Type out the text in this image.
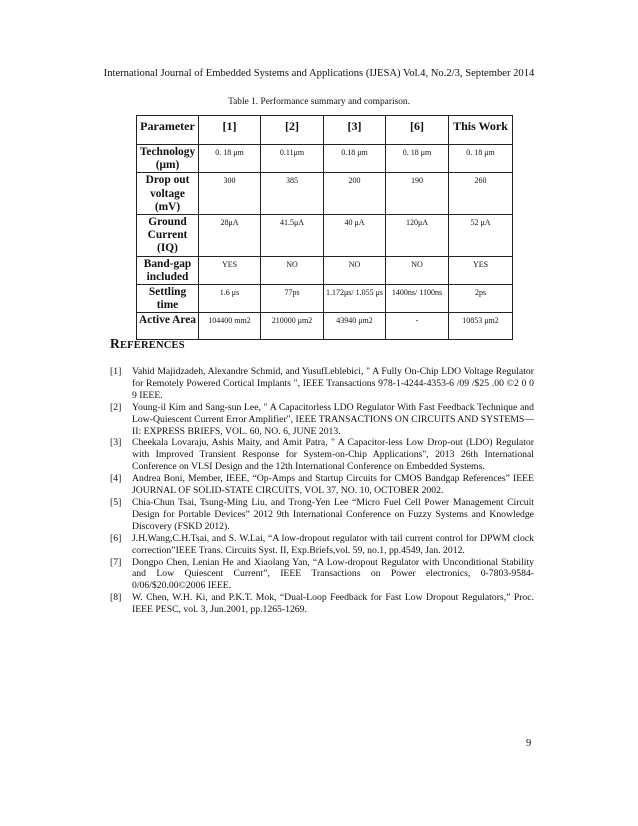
International Journal of Embedded Systems and Applications (IJESA) Vol.4, No.2/3, September 2014
Table 1. Performance summary and comparison.
Parameter	[1]	[2]	[3]	[6]	This Work
Technology (μm)	0. 18 μm	0.11μm	0.18 μm	0. 18 μm	0. 18 μm
Drop out voltage (mV)	300	385	200	190	260
Ground Current (IQ)	28μA	41.5μA	40 μA	120μA	52 μA
Band-gap included	YES	NO	NO	NO	YES
Settling time	1.6 μs	77ps	1.172μs/ 1.055 μs	1400ns/ 1100ns	2ps
Active Area	104400 mm2	210000 μm2	43940 μm2	-	10853 μm2
REFERENCES
[1] Vahid Majidzadeh, Alexandre Schmid, and YusufLeblebici, " A Fully On-Chip LDO Voltage Regulator for Remotely Powered Cortical Implants ", IEEE Transactions 978-1-4244-4353-6 /09 /$25 .00 ©2 0 0 9 IEEE.
[2] Young-il Kim and Sang-sun Lee, " A Capacitorless LDO Regulator With Fast Feedback Technique and Low-Quiescent Current Error Amplifier", IEEE TRANSACTIONS ON CIRCUITS AND SYSTEMS—II: EXPRESS BRIEFS, VOL. 60, NO. 6, JUNE 2013.
[3] Cheekala Lovaraju, Ashis Maity, and Amit Patra, " A Capacitor-less Low Drop-out (LDO) Regulator with Improved Transient Response for System-on-Chip Applications", 2013 26th International Conference on VLSI Design and the 12th International Conference on Embedded Systems.
[4] Andrea Boni, Member, IEEE, “Op-Amps and Startup Circuits for CMOS Bandgap References” IEEE JOURNAL OF SOLID-STATE CIRCUITS, VOL 37, NO. 10, OCTOBER 2002.
[5] Chia-Chun Tsai, Tsung-Ming Liu, and Trong-Yen Lee “Micro Fuel Cell Power Management Circuit Design for Portable Devices” 2012 9th International Conference on Fuzzy Systems and Knowledge Discovery (FSKD 2012).
[6] J.H.Wang,C.H.Tsai, and S. W.Lai, “A low-dropout regulator with tail current control for DPWM clock correction”IEEE Trans. Circuits Syst. II, Exp.Briefs,vol. 59, no.1, pp.4549, Jan. 2012.
[7] Dongpo Chen, Lenian He and Xiaolang Yan, “A Low-dropout Regulator with Unconditional Stability and Low Quiescent Current”, IEEE Transactions on Power electronics, 0-7803-9584-0/06/$20.00©2006 IEEE.
[8] W. Chen, W.H. Ki, and P.K.T. Mok, “Dual-Loop Feedback for Fast Low Dropout Regulators,” Proc. IEEE PESC, vol. 3, Jun.2001, pp.1265-1269.
9
